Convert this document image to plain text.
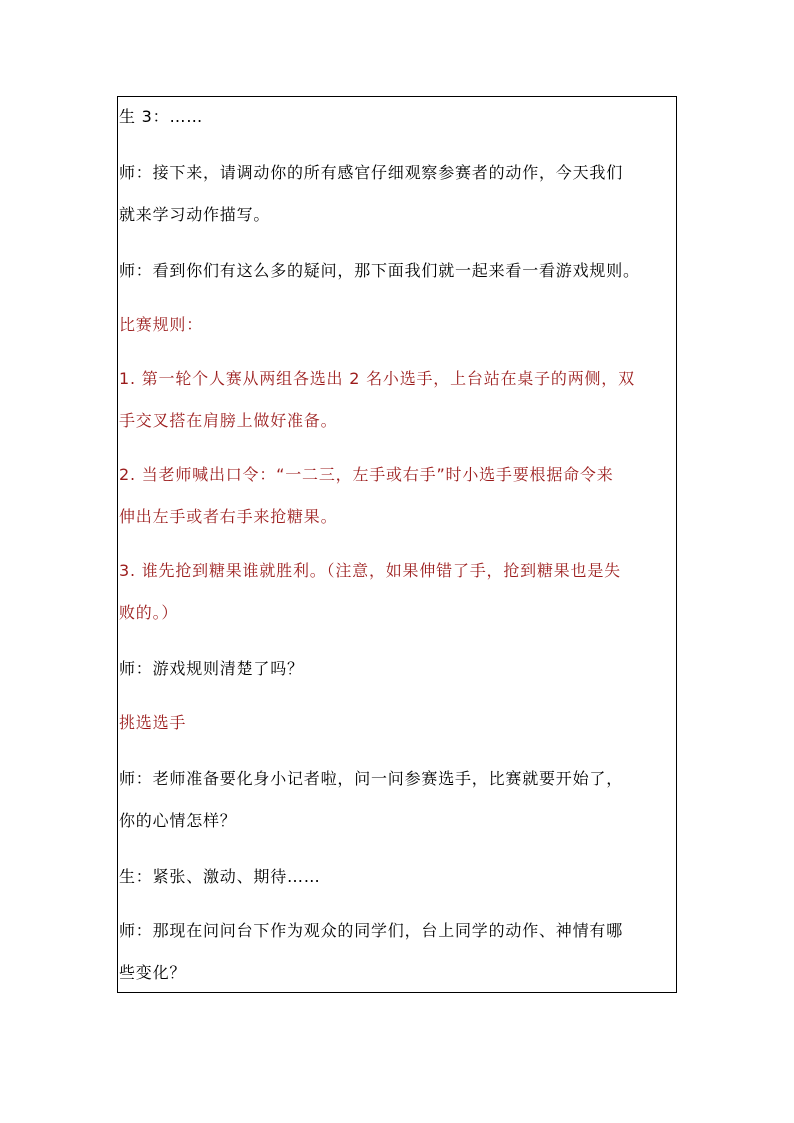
生 3：……
师：接下来，请调动你的所有感官仔细观察参赛者的动作，今天我们
就来学习动作描写。
师：看到你们有这么多的疑问，那下面我们就一起来看一看游戏规则。
比赛规则：
1. 第一轮个人赛从两组各选出 2 名小选手，上台站在桌子的两侧，双
手交叉搭在肩膀上做好准备。
2. 当老师喊出口令：“一二三，左手或右手”时小选手要根据命令来
伸出左手或者右手来抢糖果。
3. 谁先抢到糖果谁就胜利。（注意，如果伸错了手，抢到糖果也是失
败的。）
师：游戏规则清楚了吗？
挑选选手
师：老师准备要化身小记者啦，问一问参赛选手，比赛就要开始了，
你的心情怎样？
生：紧张、激动、期待……
师：那现在问问台下作为观众的同学们，台上同学的动作、神情有哪
些变化？
